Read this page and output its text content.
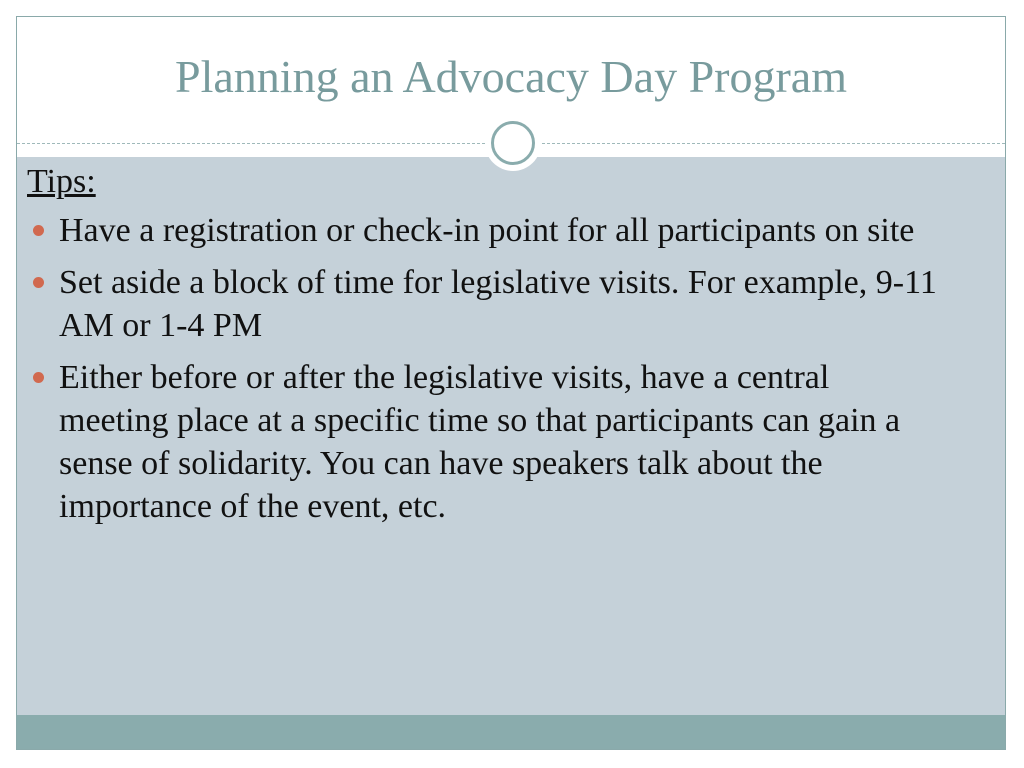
Planning an Advocacy Day Program
Tips:
Have a registration or check-in point for all participants on site
Set aside a block of time for legislative visits. For example, 9-11 AM or 1-4 PM
Either before or after the legislative visits, have a central meeting place at a specific time so that participants can gain a sense of solidarity. You can have speakers talk about the importance of the event, etc.
